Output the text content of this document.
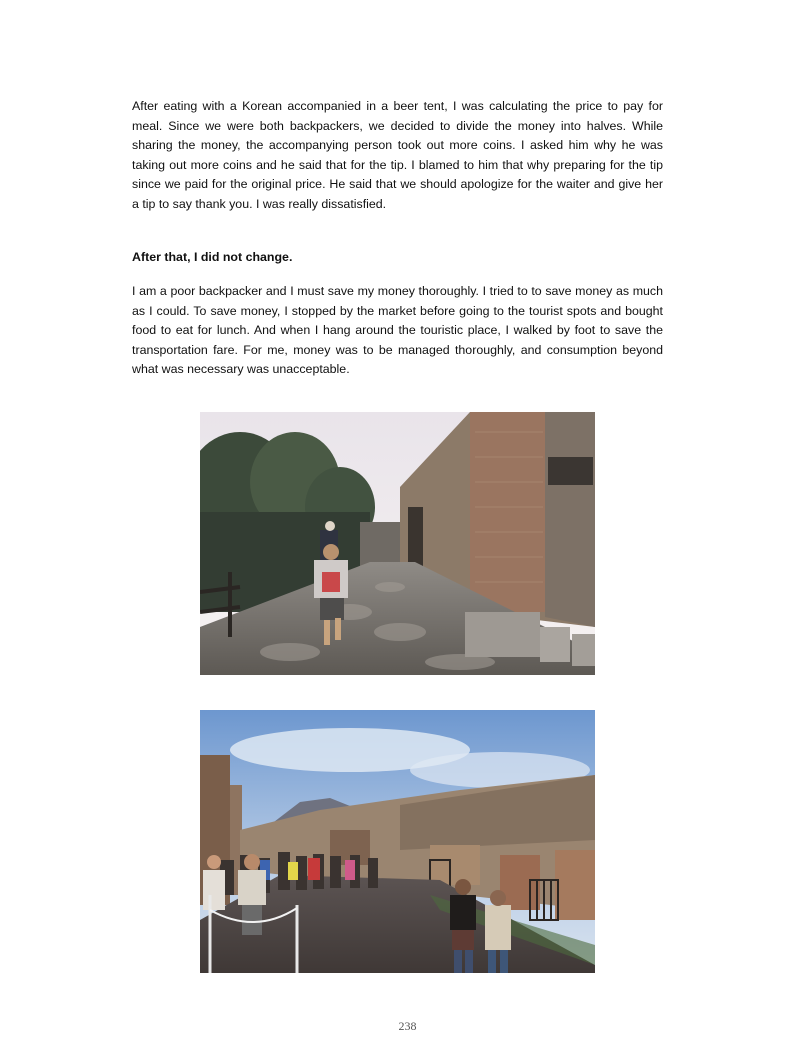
After eating with a Korean accompanied in a beer tent, I was calculating the price to pay for meal. Since we were both backpackers, we decided to divide the money into halves. While sharing the money, the accompanying person took out more coins. I asked him why he was taking out more coins and he said that for the tip. I blamed to him that why preparing for the tip since we paid for the original price. He said that we should apologize for the waiter and give her a tip to say thank you. I was really dissatisfied.

After that, I did not change.

I am a poor backpacker and I must save my money thoroughly. I tried to to save money as much as I could. To save money, I stopped by the market before going to the tourist spots and bought food to eat for lunch. And when I hang around the touristic place, I walked by foot to save the transportation fare. For me, money was to be managed thoroughly, and consumption beyond what was necessary was unacceptable.

238
